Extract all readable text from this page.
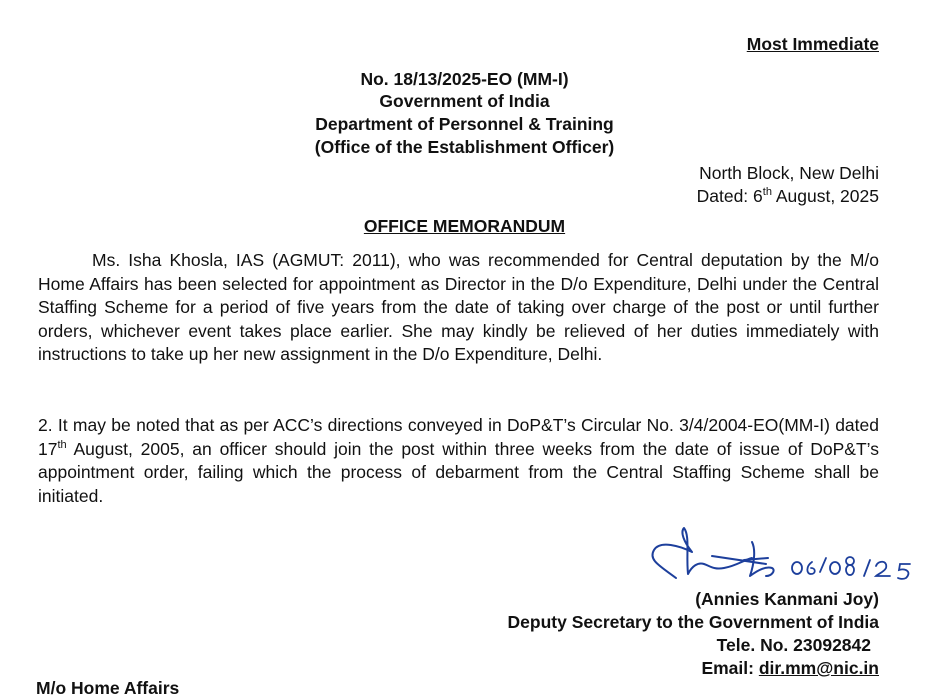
Most Immediate
No. 18/13/2025-EO (MM-I)
Government of India
Department of Personnel & Training
(Office of the Establishment Officer)
North Block, New Delhi
Dated: 6th August, 2025
OFFICE MEMORANDUM
Ms. Isha Khosla, IAS (AGMUT: 2011), who was recommended for Central deputation by the M/o Home Affairs has been selected for appointment as Director in the D/o Expenditure, Delhi under the Central Staffing Scheme for a period of five years from the date of taking over charge of the post or until further orders, whichever event takes place earlier. She may kindly be relieved of her duties immediately with instructions to take up her new assignment in the D/o Expenditure, Delhi.
2. It may be noted that as per ACC’s directions conveyed in DoP&T’s Circular No. 3/4/2004-EO(MM-I) dated 17th August, 2005, an officer should join the post within three weeks from the date of issue of DoP&T’s appointment order, failing which the process of debarment from the Central Staffing Scheme shall be initiated.
(Annies Kanmani Joy)
Deputy Secretary to the Government of India
Tele. No. 23092842
Email: dir.mm@nic.in
M/o Home Affairs
